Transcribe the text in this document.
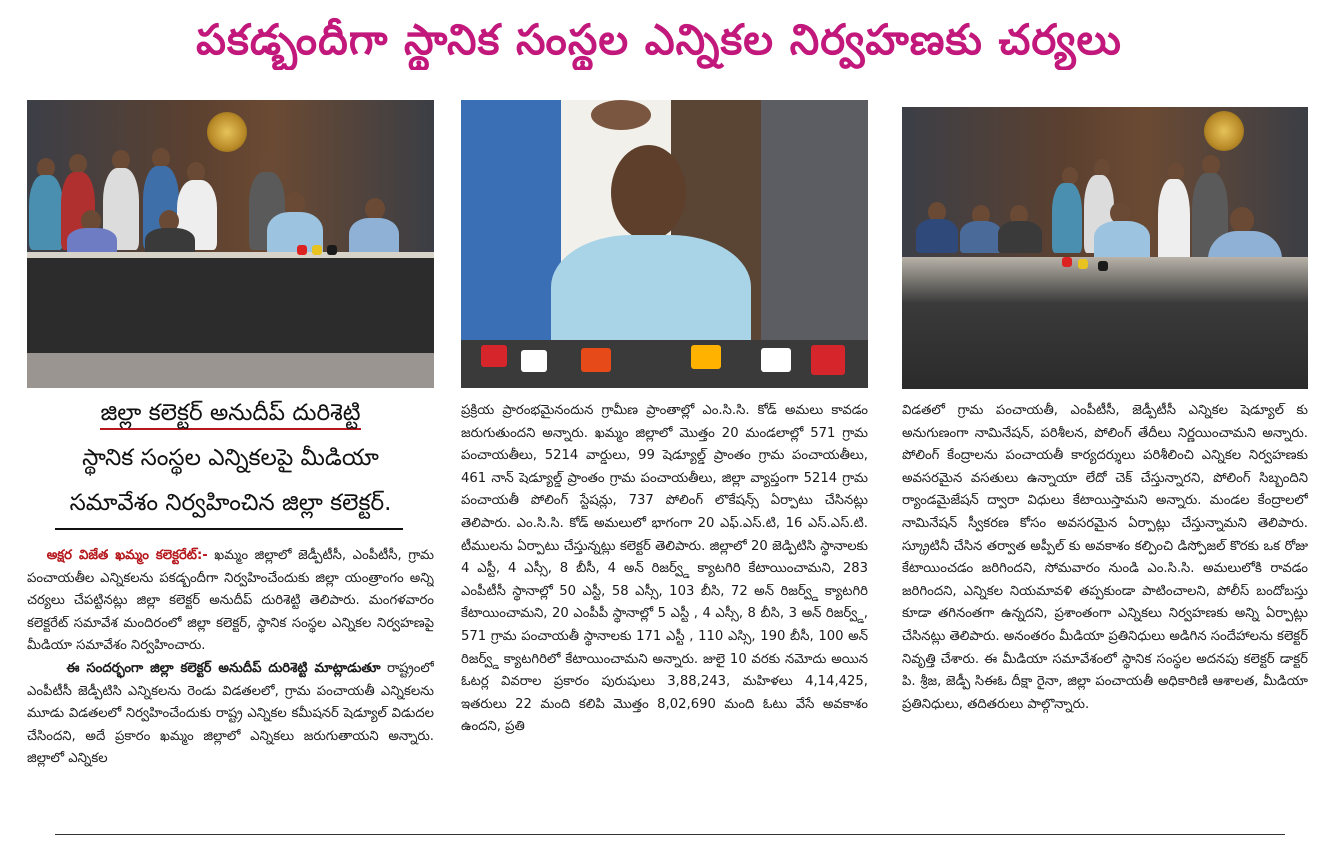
పకడ్బందీగా స్థానిక సంస్థల ఎన్నికల నిర్వహణకు చర్యలు
జిల్లా కలెక్టర్ అనుదీప్ దురిశెట్టి
స్థానిక సంస్థల ఎన్నికలపై మీడియా
సమావేశం నిర్వహించిన జిల్లా కలెక్టర్.

అక్షర విజేత ఖమ్మం కలెక్టరేట్:- ఖమ్మం జిల్లాలో జెడ్పీటీసీ, ఎంపీటీసీ, గ్రామ పంచాయతీల ఎన్నికలను పకడ్బందీగా నిర్వహించేందుకు జిల్లా యంత్రాంగం అన్ని చర్యలు చేపట్టినట్లు జిల్లా కలెక్టర్ అనుదీప్ దురిశెట్టి తెలిపారు. మంగళవారం కలెక్టరేట్ సమావేశ మందిరంలో జిల్లా కలెక్టర్, స్థానిక సంస్థల ఎన్నికల నిర్వహణపై మీడియా సమావేశం నిర్వహించారు.

ఈ సందర్భంగా జిల్లా కలెక్టర్ అనుదీప్ దురిశెట్టి మాట్లాడుతూ రాష్ట్రంలో ఎంపీటీసీ జెడ్పీటిసి ఎన్నికలను రెండు విడతలలో, గ్రామ పంచాయతీ ఎన్నికలను మూడు విడతలలో నిర్వహించేందుకు రాష్ట్ర ఎన్నికల కమీషనర్ షెడ్యూల్ విడుదల చేసిందని, అదే ప్రకారం ఖమ్మం జిల్లాలో ఎన్నికలు జరుగుతాయని అన్నారు. జిల్లాలో ఎన్నికల

ప్రక్రియ ప్రారంభమైనందున గ్రామీణ ప్రాంతాల్లో ఎం.సి.సి. కోడ్ అమలు కావడం జరుగుతుందని అన్నారు. ఖమ్మం జిల్లాలో మొత్తం 20 మండలాల్లో 571 గ్రామ పంచాయతీలు, 5214 వార్డులు, 99 షెడ్యూల్డ్ ప్రాంతం గ్రామ పంచాయతీలు, 461 నాన్ షెడ్యూల్డ్ ప్రాంతం గ్రామ పంచాయతీలు, జిల్లా వ్యాప్తంగా 5214 గ్రామ పంచాయతీ పోలింగ్ స్టేషన్లు, 737 పోలింగ్ లొకేషన్స్ ఏర్పాటు చేసినట్లు తెలిపారు. ఎం.సి.సి. కోడ్ అమలులో భాగంగా 20 ఎఫ్.ఎస్.టి, 16 ఎస్.ఎస్.టి. టీములను ఏర్పాటు చేస్తున్నట్లు కలెక్టర్ తెలిపారు. జిల్లాలో 20 జెడ్పిటిసి స్థానాలకు 4 ఎస్టీ, 4 ఎస్సీ, 8 బీసీ, 4 అన్ రిజర్వ్డ్ క్యాటగిరి కేటాయించామని, 283 ఎంపీటీసీ స్థానాల్లో 50 ఎస్టీ, 58 ఎస్సీ, 103 బీసి, 72 అన్ రిజర్వ్డ్ క్యాటగిరి కేటాయించామని, 20 ఎంపీపీ స్థానాల్లో 5 ఎస్టీ , 4 ఎస్సీ, 8 బీసి, 3 అన్ రిజర్వ్డ్, 571 గ్రామ పంచాయతీ స్థానాలకు 171 ఎస్టీ , 110 ఎస్సి, 190 బీసీ, 100 అన్ రిజర్వ్డ్ క్యాటగిరిలో కేటాయించామని అన్నారు. జులై 10 వరకు నమోదు అయిన ఓటర్ల వివరాల ప్రకారం పురుషులు 3,88,243, మహిళలు 4,14,425, ఇతరులు 22 మంది కలిపి మొత్తం 8,02,690 మంది ఓటు వేసే అవకాశం ఉందని, ప్రతి

విడతలో గ్రామ పంచాయతీ, ఎంపీటీసీ, జెడ్పీటీసీ ఎన్నికల షెడ్యూల్ కు అనుగుణంగా నామినేషన్, పరిశీలన, పోలింగ్ తేదీలు నిర్ణయించామని అన్నారు. పోలింగ్ కేంద్రాలను పంచాయతీ కార్యదర్శులు పరిశీలించి ఎన్నికల నిర్వహణకు అవసరమైన వసతులు ఉన్నాయా లేదో చెక్ చేస్తున్నారని, పోలింగ్ సిబ్బందిని ర్యాండమైజేషన్ ద్వారా విధులు కేటాయిస్తామని అన్నారు. మండల కేంద్రాలలో నామినేషన్ స్వీకరణ కోసం అవసరమైన ఏర్పాట్లు చేస్తున్నామని తెలిపారు. స్క్రూటినీ చేసిన తర్వాత అప్పీల్ కు అవకాశం కల్పించి డిస్పోజల్ కొరకు ఒక రోజు కేటాయించడం జరిగిందని, సోమవారం నుండి ఎం.సి.సి. అమలులోకి రావడం జరిగిందని, ఎన్నికల నియమావళి తప్పకుండా పాటించాలని, పోలీస్ బందోబస్తు కూడా తగినంతగా ఉన్నదని, ప్రశాంతంగా ఎన్నికలు నిర్వహణకు అన్ని ఏర్పాట్లు చేసినట్లు తెలిపారు. అనంతరం మీడియా ప్రతినిధులు అడిగిన సందేహాలను కలెక్టర్ నివృత్తి చేశారు. ఈ మీడియా సమావేశంలో స్థానిక సంస్థల అదనపు కలెక్టర్ డాక్టర్ పి. శ్రీజ, జెడ్పీ సిఈఓ దీక్షా రైనా, జిల్లా పంచాయతీ అధికారిణి ఆశాలత, మీడియా ప్రతినిధులు, తదితరులు పాల్గొన్నారు.
